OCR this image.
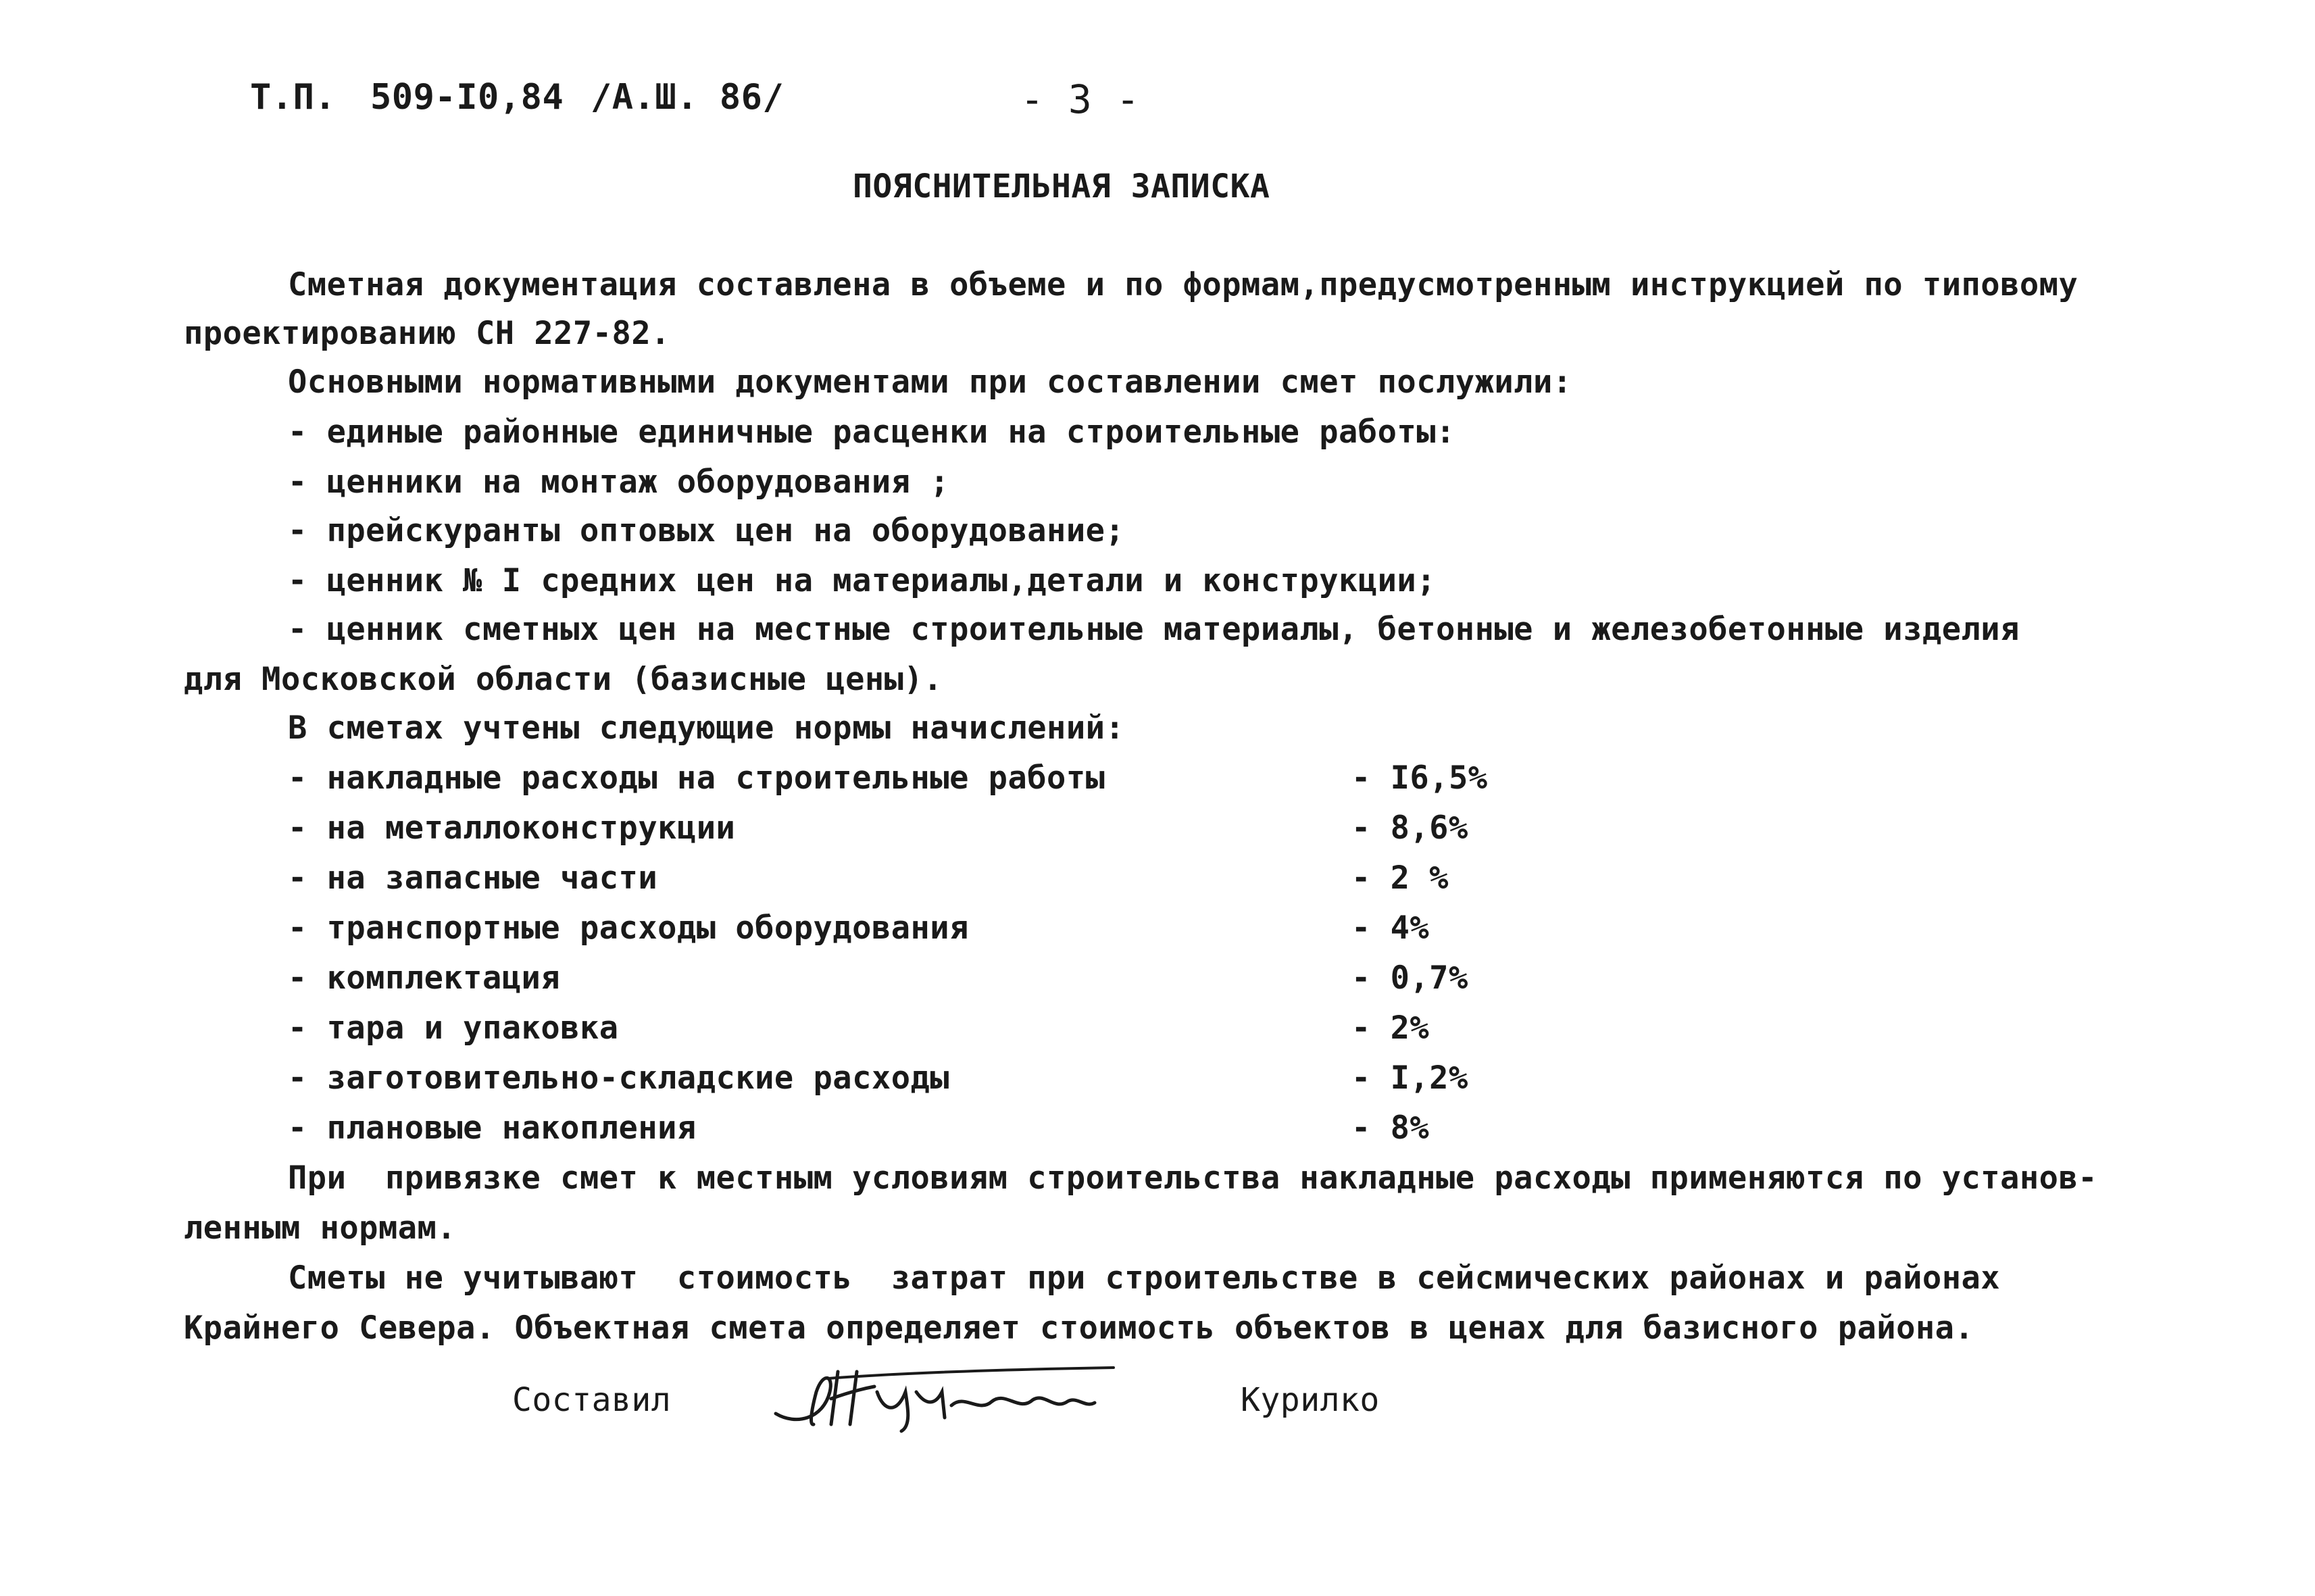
Т.П. 509-I0,84 /А.Ш. 86/	- 3 -
ПОЯСНИТЕЛЬНАЯ ЗАПИСКА
Сметная документация составлена в объеме и по формам,предусмотренным инструкцией по типовому
проектированию СН 227-82.
Основными нормативными документами при составлении смет послужили:
- единые районные единичные расценки на строительные работы:
- ценники на монтаж оборудования ;
- прейскуранты оптовых цен на оборудование;
- ценник № I средних цен на материалы,детали и конструкции;
- ценник сметных цен на местные строительные материалы, бетонные и железобетонные изделия
для Московской области (базисные цены).
В сметах учтены следующие нормы начислений:
- накладные расходы на строительные работы	- I6,5%
- на металлоконструкции	- 8,6%
- на запасные части	- 2 %
- транспортные расходы оборудования	- 4%
- комплектация	- 0,7%
- тара и упаковка	- 2%
- заготовительно-складские расходы	- I,2%
- плановые накопления	- 8%
При  привязке смет к местным условиям строительства накладные расходы применяются по установ-
ленным нормам.
Сметы не учитывают  стоимость  затрат при строительстве в сейсмических районах и районах
Крайнего Севера. Объектная смета определяет стоимость объектов в ценах для базисного района.
Составил	Курилко
